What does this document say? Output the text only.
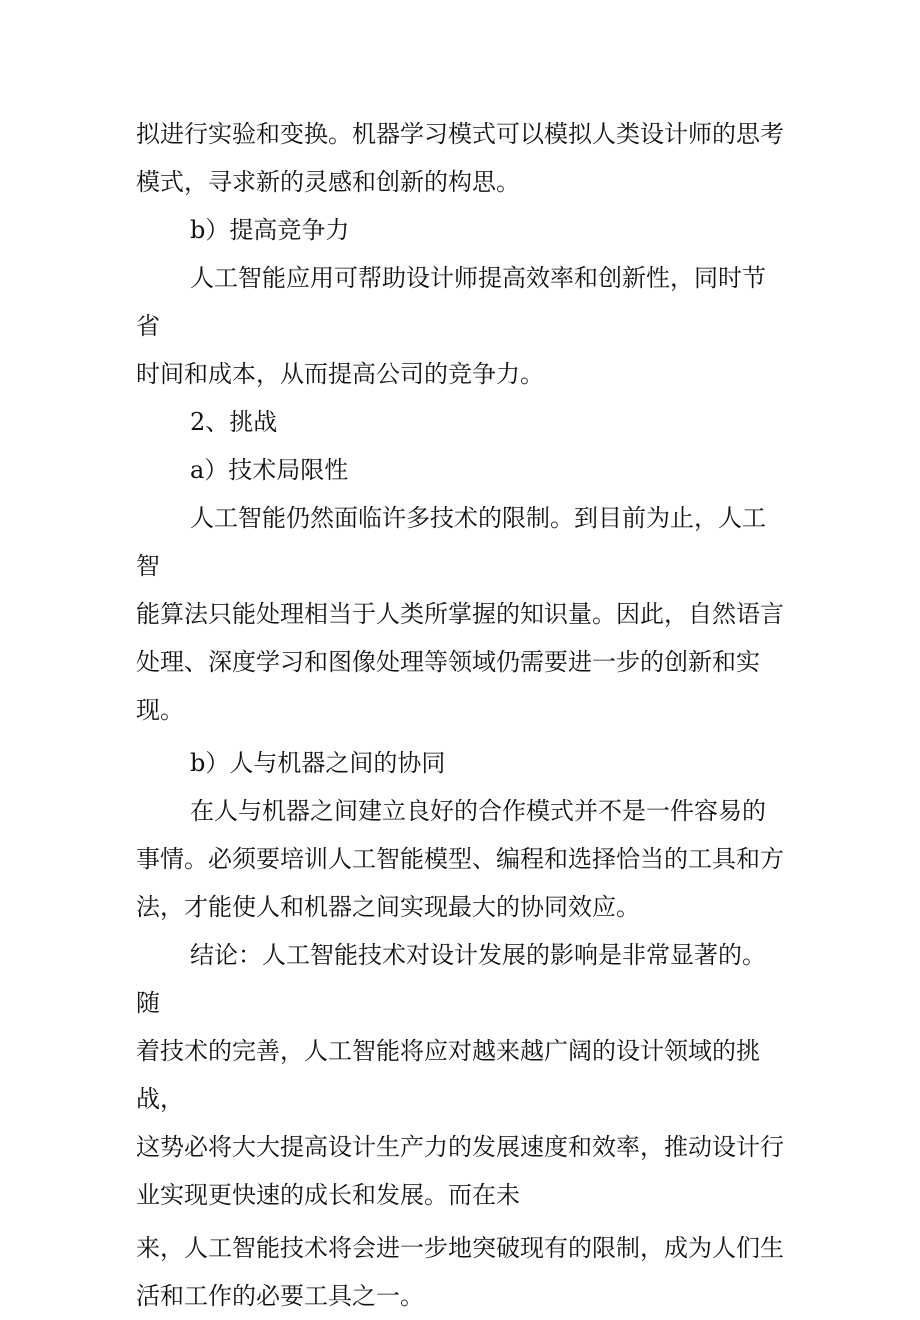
拟进行实验和变换。机器学习模式可以模拟人类设计师的思考
模式，寻求新的灵感和创新的构思。
b）提高竞争力
人工智能应用可帮助设计师提高效率和创新性，同时节省
时间和成本，从而提高公司的竞争力。
2、挑战
a）技术局限性
人工智能仍然面临许多技术的限制。到目前为止，人工智
能算法只能处理相当于人类所掌握的知识量。因此，自然语言
处理、深度学习和图像处理等领域仍需要进一步的创新和实现。
b）人与机器之间的协同
在人与机器之间建立良好的合作模式并不是一件容易的
事情。必须要培训人工智能模型、编程和选择恰当的工具和方
法，才能使人和机器之间实现最大的协同效应。
结论：人工智能技术对设计发展的影响是非常显著的。随
着技术的完善，人工智能将应对越来越广阔的设计领域的挑战，
这势必将大大提高设计生产力的发展速度和效率，推动设计行
业实现更快速的成长和发展。而在未
来，人工智能技术将会进一步地突破现有的限制，成为人们生
活和工作的必要工具之一。
